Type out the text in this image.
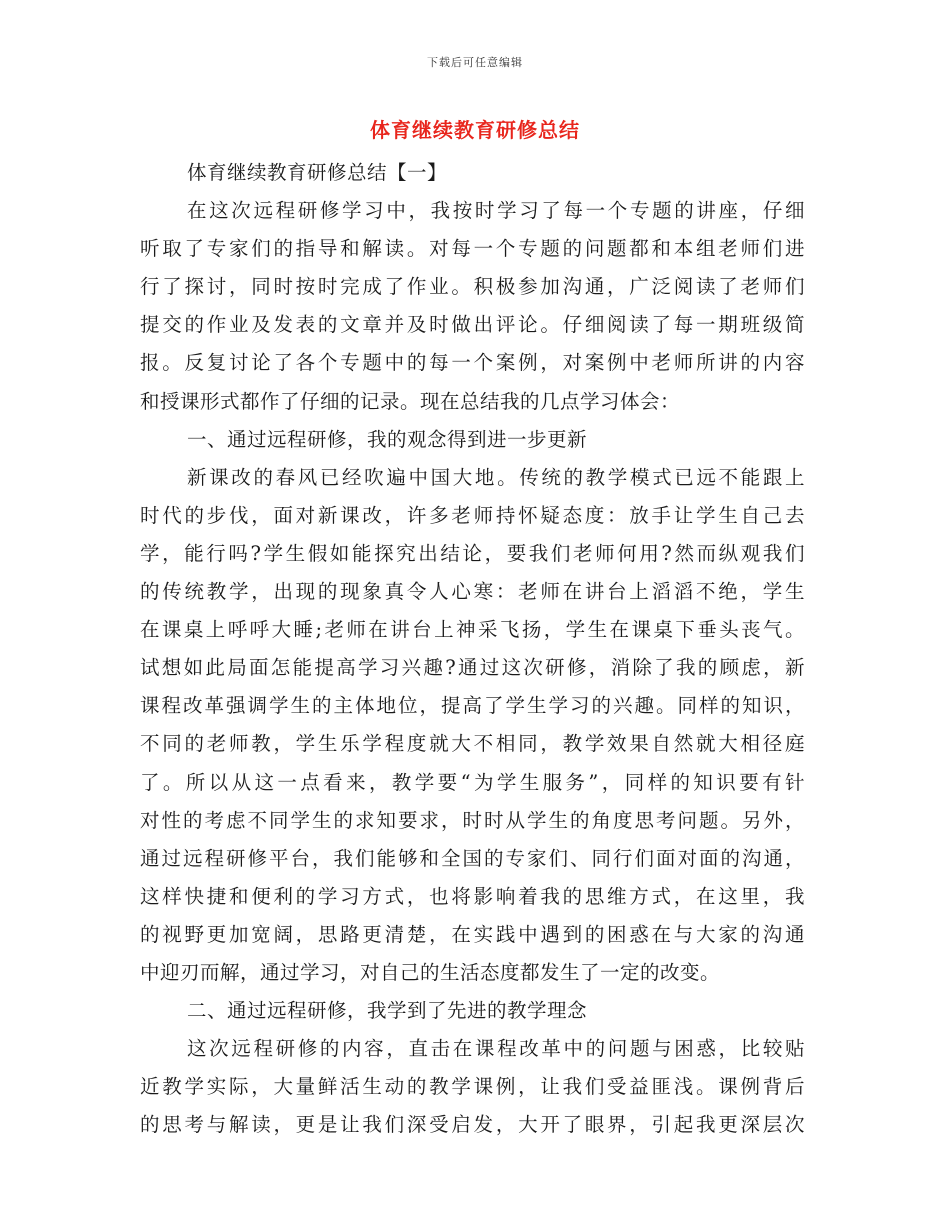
下载后可任意编辑
体育继续教育研修总结
体育继续教育研修总结【一】
在这次远程研修学习中，我按时学习了每一个专题的讲座，仔细
听取了专家们的指导和解读。对每一个专题的问题都和本组老师们进
行了探讨，同时按时完成了作业。积极参加沟通，广泛阅读了老师们
提交的作业及发表的文章并及时做出评论。仔细阅读了每一期班级简
报。反复讨论了各个专题中的每一个案例，对案例中老师所讲的内容
和授课形式都作了仔细的记录。现在总结我的几点学习体会：
一、通过远程研修，我的观念得到进一步更新
新课改的春风已经吹遍中国大地。传统的教学模式已远不能跟上
时代的步伐，面对新课改，许多老师持怀疑态度：放手让学生自己去
学，能行吗?学生假如能探究出结论，要我们老师何用?然而纵观我们
的传统教学，出现的现象真令人心寒：老师在讲台上滔滔不绝，学生
在课桌上呼呼大睡;老师在讲台上神采飞扬，学生在课桌下垂头丧气。
试想如此局面怎能提高学习兴趣?通过这次研修，消除了我的顾虑，新
课程改革强调学生的主体地位，提高了学生学习的兴趣。同样的知识，
不同的老师教，学生乐学程度就大不相同，教学效果自然就大相径庭
了。所以从这一点看来，教学要“为学生服务”，同样的知识要有针
对性的考虑不同学生的求知要求，时时从学生的角度思考问题。另外，
通过远程研修平台，我们能够和全国的专家们、同行们面对面的沟通，
这样快捷和便利的学习方式，也将影响着我的思维方式，在这里，我
的视野更加宽阔，思路更清楚，在实践中遇到的困惑在与大家的沟通
中迎刃而解，通过学习，对自己的生活态度都发生了一定的改变。
二、通过远程研修，我学到了先进的教学理念
这次远程研修的内容，直击在课程改革中的问题与困惑，比较贴
近教学实际，大量鲜活生动的教学课例，让我们受益匪浅。课例背后
的思考与解读，更是让我们深受启发，大开了眼界，引起我更深层次
